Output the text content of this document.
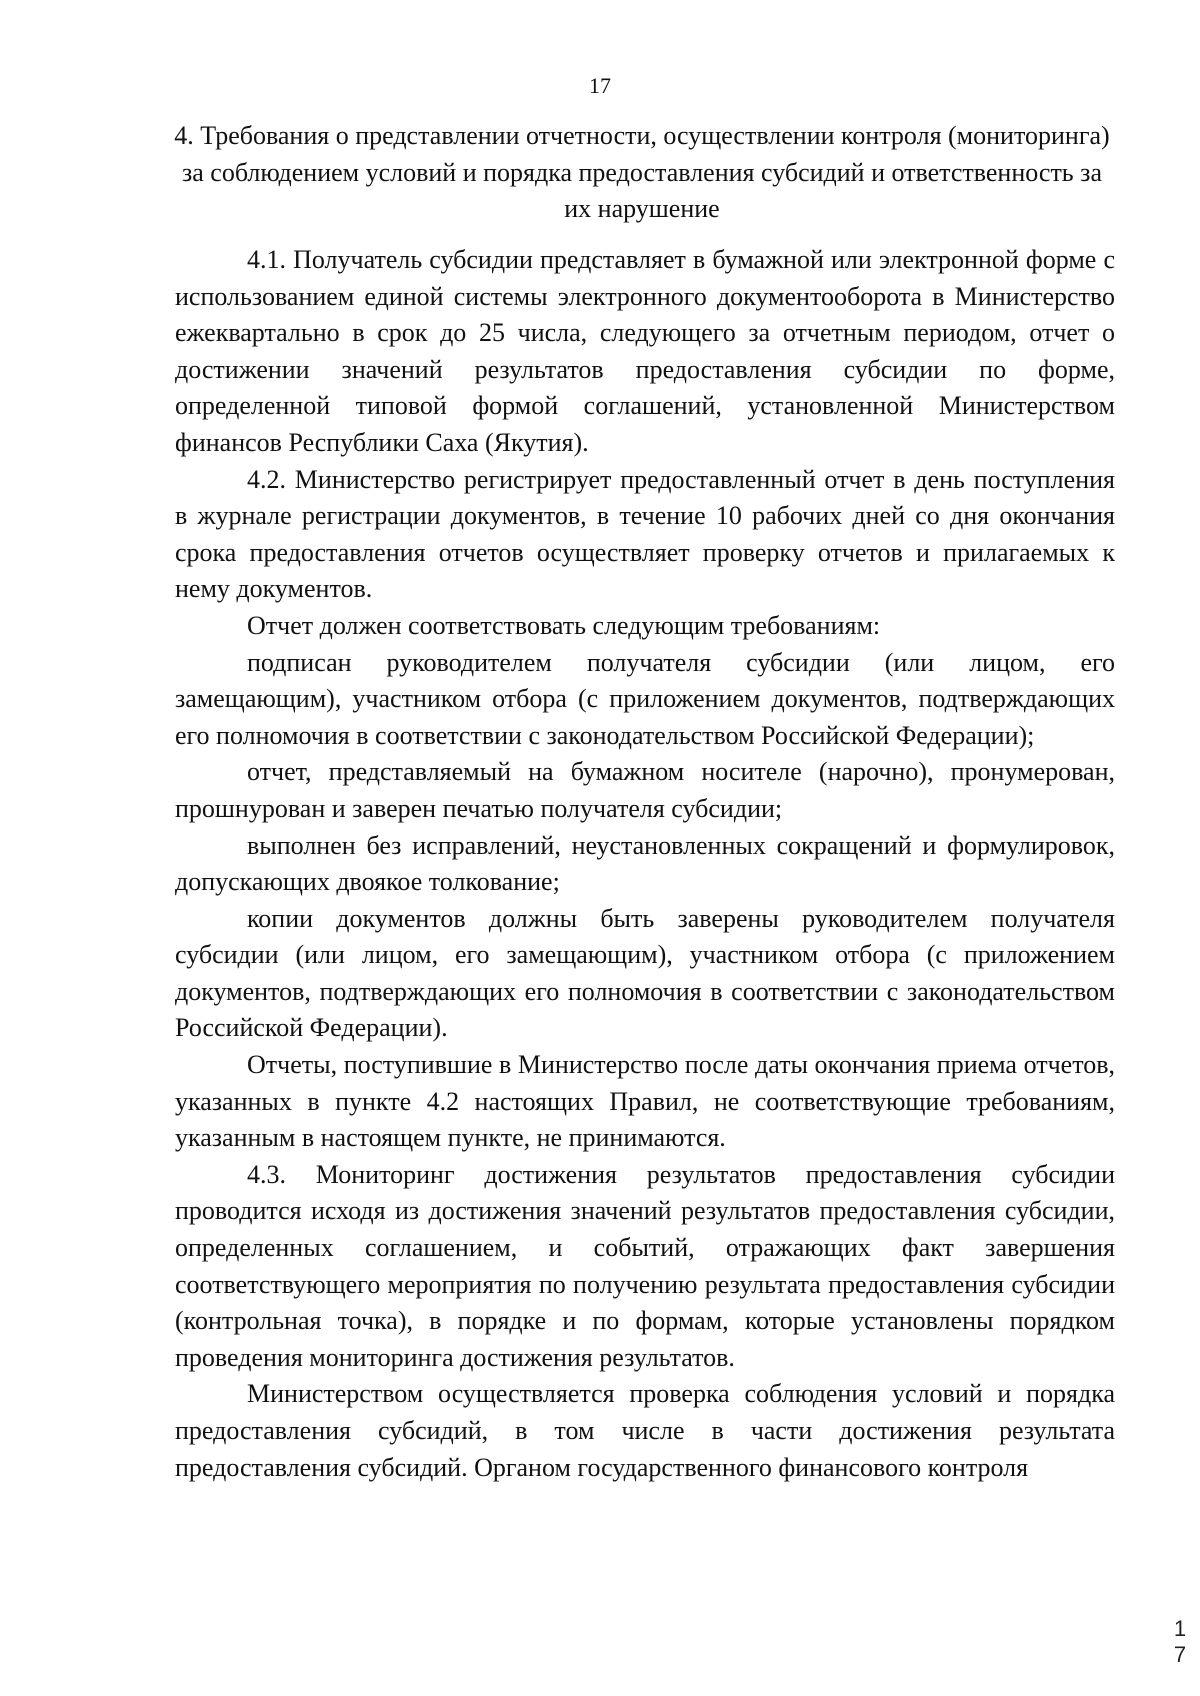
17
4. Требования о представлении отчетности, осуществлении контроля (мониторинга) за соблюдением условий и порядка предоставления субсидий и ответственность за их нарушение

4.1. Получатель субсидии представляет в бумажной или электронной форме с использованием единой системы электронного документооборота в Министерство ежеквартально в срок до 25 числа, следующего за отчетным периодом, отчет о достижении значений результатов предоставления субсидии по форме, определенной типовой формой соглашений, установленной Министерством финансов Республики Саха (Якутия).

4.2. Министерство регистрирует предоставленный отчет в день поступления в журнале регистрации документов, в течение 10 рабочих дней со дня окончания срока предоставления отчетов осуществляет проверку отчетов и прилагаемых к нему документов.

Отчет должен соответствовать следующим требованиям:

подписан руководителем получателя субсидии (или лицом, его замещающим), участником отбора (с приложением документов, подтверждающих его полномочия в соответствии с законодательством Российской Федерации);

отчет, представляемый на бумажном носителе (нарочно), пронумерован, прошнурован и заверен печатью получателя субсидии;

выполнен без исправлений, неустановленных сокращений и формулировок, допускающих двоякое толкование;

копии документов должны быть заверены руководителем получателя субсидии (или лицом, его замещающим), участником отбора (с приложением документов, подтверждающих его полномочия в соответствии с законодательством Российской Федерации).

Отчеты, поступившие в Министерство после даты окончания приема отчетов, указанных в пункте 4.2 настоящих Правил, не соответствующие требованиям, указанным в настоящем пункте, не принимаются.

4.3. Мониторинг достижения результатов предоставления субсидии проводится исходя из достижения значений результатов предоставления субсидии, определенных соглашением, и событий, отражающих факт завершения соответствующего мероприятия по получению результата предоставления субсидии (контрольная точка), в порядке и по формам, которые установлены порядком проведения мониторинга достижения результатов.

Министерством осуществляется проверка соблюдения условий и порядка предоставления субсидий, в том числе в части достижения результата предоставления субсидий. Органом государственного финансового контроля

1
7
